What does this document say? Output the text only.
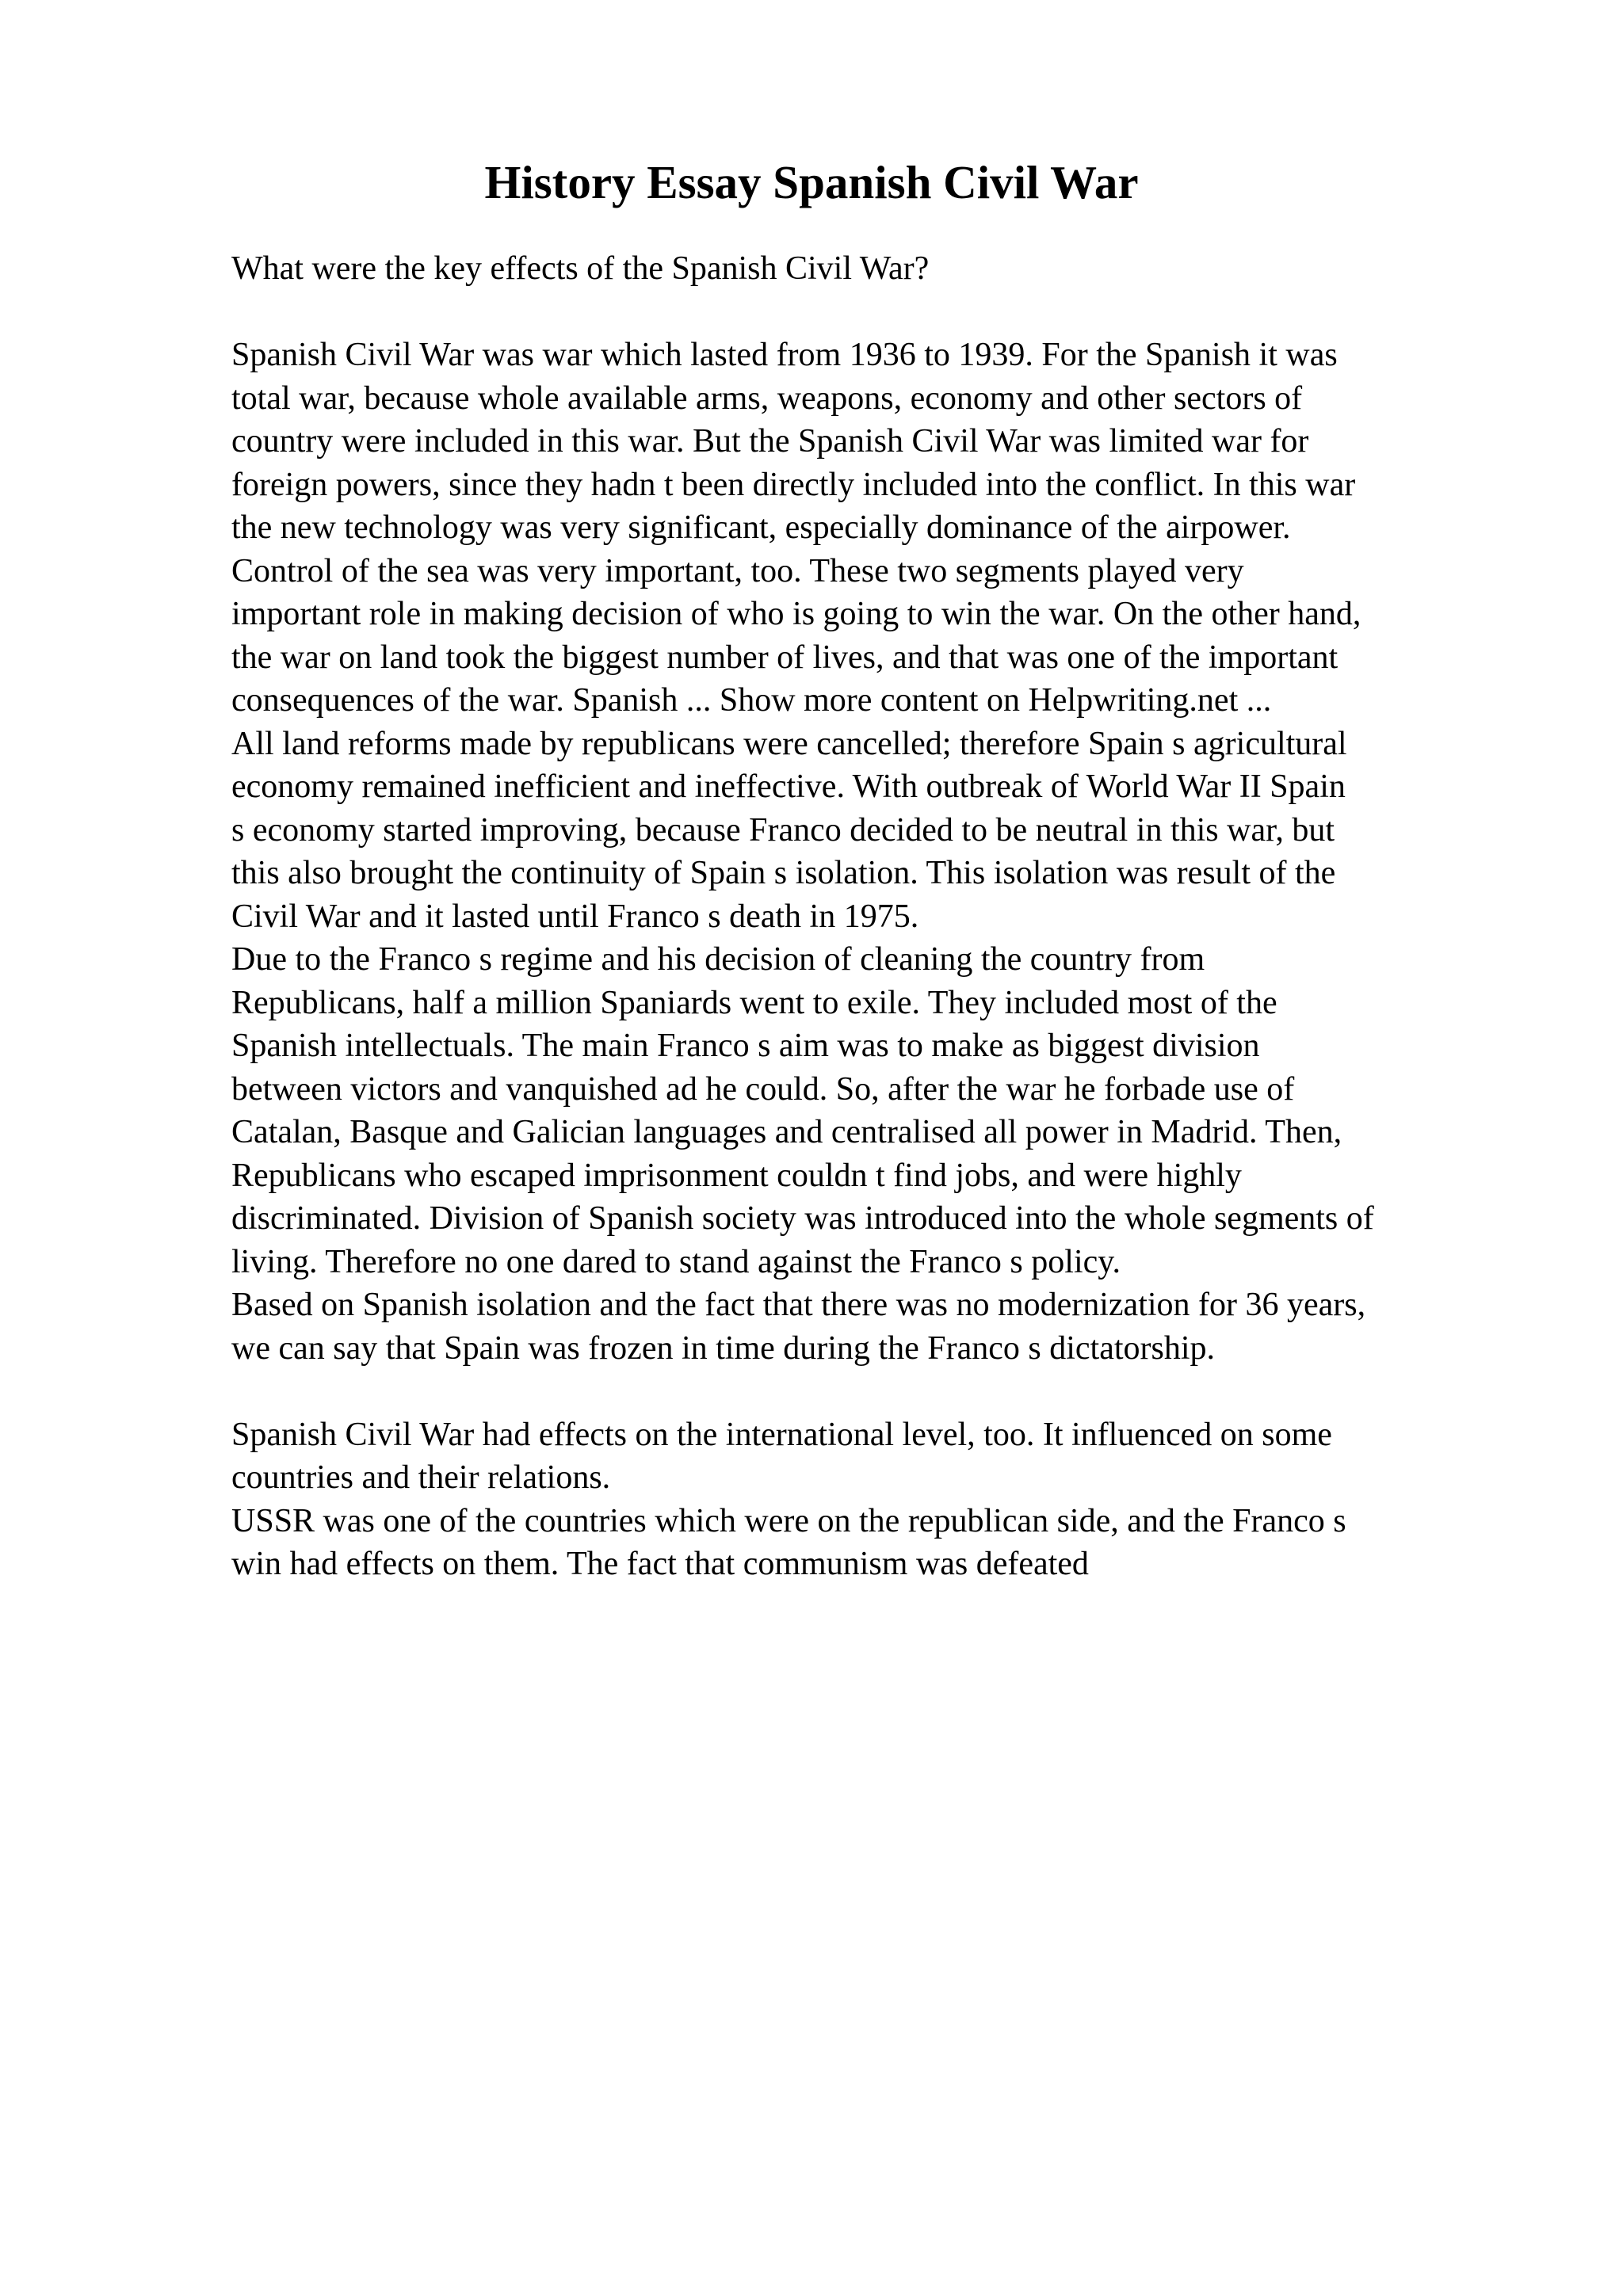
History Essay Spanish Civil War
What were the key effects of the Spanish Civil War?
Spanish Civil War was war which lasted from 1936 to 1939. For the Spanish it was
total war, because whole available arms, weapons, economy and other sectors of
country were included in this war. But the Spanish Civil War was limited war for
foreign powers, since they hadn t been directly included into the conflict. In this war
the new technology was very significant, especially dominance of the airpower.
Control of the sea was very important, too. These two segments played very
important role in making decision of who is going to win the war. On the other hand,
the war on land took the biggest number of lives, and that was one of the important
consequences of the war. Spanish ... Show more content on Helpwriting.net ...
All land reforms made by republicans were cancelled; therefore Spain s agricultural
economy remained inefficient and ineffective. With outbreak of World War II Spain
s economy started improving, because Franco decided to be neutral in this war, but
this also brought the continuity of Spain s isolation. This isolation was result of the
Civil War and it lasted until Franco s death in 1975.
Due to the Franco s regime and his decision of cleaning the country from
Republicans, half a million Spaniards went to exile. They included most of the
Spanish intellectuals. The main Franco s aim was to make as biggest division
between victors and vanquished ad he could. So, after the war he forbade use of
Catalan, Basque and Galician languages and centralised all power in Madrid. Then,
Republicans who escaped imprisonment couldn t find jobs, and were highly
discriminated. Division of Spanish society was introduced into the whole segments of
living. Therefore no one dared to stand against the Franco s policy.
Based on Spanish isolation and the fact that there was no modernization for 36 years,
we can say that Spain was frozen in time during the Franco s dictatorship.
Spanish Civil War had effects on the international level, too. It influenced on some
countries and their relations.
USSR was one of the countries which were on the republican side, and the Franco s
win had effects on them. The fact that communism was defeated
